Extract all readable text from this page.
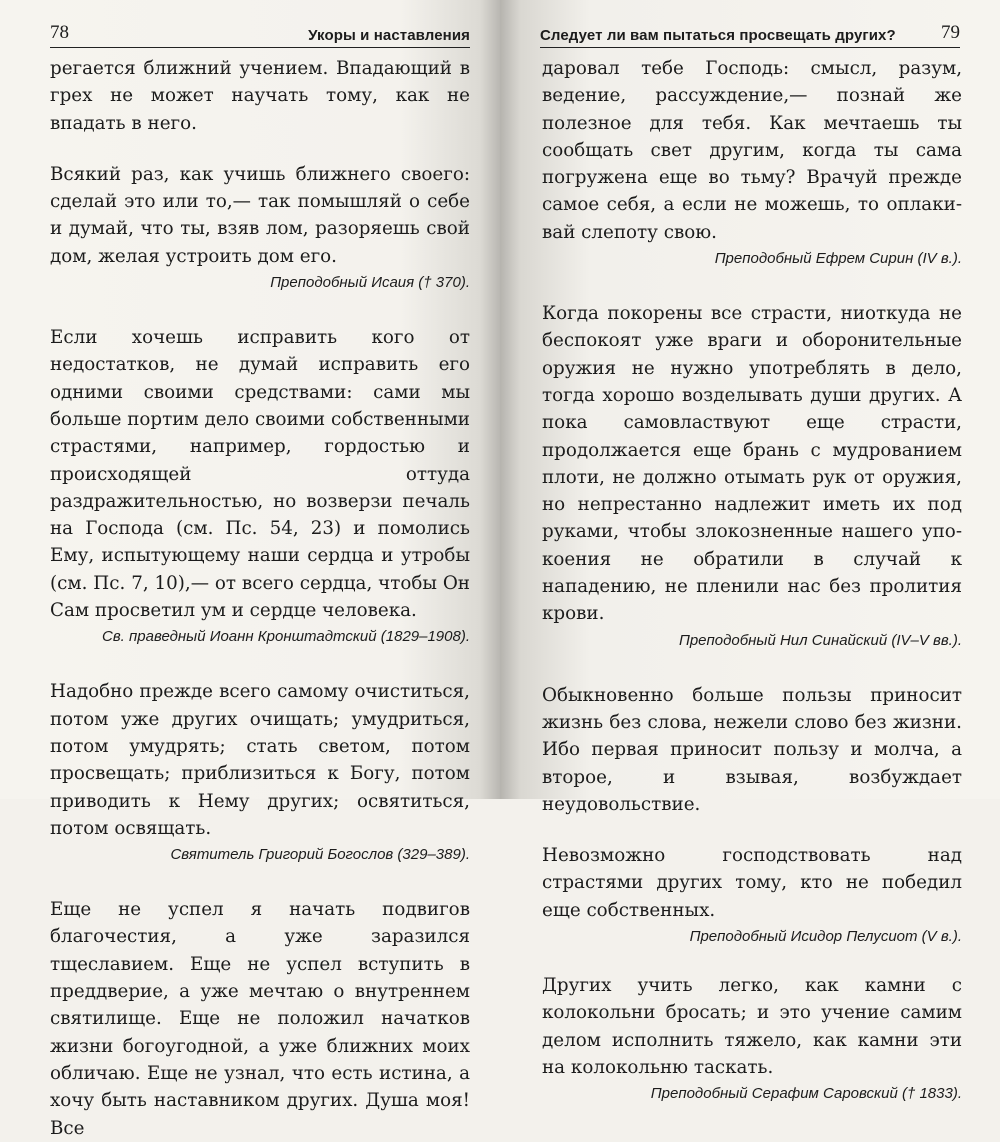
78	Укоры и наставления

регается ближний учением. Впадающий в грех не может научать тому, как не впадать в него.

Всякий раз, как учишь ближнего своего: сделай это или то,— так помышляй о себе и думай, что ты, взяв лом, разоряешь свой дом, желая устроить дом его.

Преподобный Исаия († 370).

Если хочешь исправить кого от недостатков, не думай исправить его одними своими средствами: сами мы больше портим дело своими собственными страстями, например, гордостью и происходящей оттуда раздражительностью, но возверзи печаль на Господа (см. Пс. 54, 23) и помолись Ему, испытующему наши сердца и утробы (см. Пс. 7, 10),— от всего сердца, чтобы Он Сам просветил ум и сердце человека.

Св. праведный Иоанн Кронштадтский (1829–1908).

Надобно прежде всего самому очиститься, потом уже других очищать; умудриться, потом умудрять; стать светом, потом просвещать; приблизиться к Богу, потом приводить к Нему других; освятиться, потом освящать.

Святитель Григорий Богослов (329–389).

Еще не успел я начать подвигов благочестия, а уже заразился тщеславием. Еще не успел вступить в преддверие, а уже мечтаю о внутреннем святилище. Еще не положил начатков жизни богоугодной, а уже ближних моих обличаю. Еще не узнал, что есть истина, а хочу быть наставником других. Душа моя! Все

Следует ли вам пытаться просвещать других? 79

даровал тебе Господь: смысл, разум, ведение, рассуждение,— познай же полезное для тебя. Как мечтаешь ты сообщать свет другим, когда ты сама погружена еще во тьму? Врачуй прежде самое себя, а если не можешь, то оплакивай слепоту свою.

Преподобный Ефрем Сирин (IV в.).

Когда покорены все страсти, ниоткуда не беспокоят уже враги и оборонительные оружия не нужно употреблять в дело, тогда хорошо возделывать души других. А пока самовластвуют еще страсти, продолжается еще брань с мудрованием плоти, не должно отымать рук от оружия, но непрестанно надлежит иметь их под руками, чтобы злокозненные нашего упокоения не обратили в случай к нападению, не пленили нас без пролития крови.

Преподобный Нил Синайский (IV–V вв.).

Обыкновенно больше пользы приносит жизнь без слова, нежели слово без жизни. Ибо первая приносит пользу и молча, а второе, и взывая, возбуждает неудовольствие.

Невозможно господствовать над страстями других тому, кто не победил еще собственных.

Преподобный Исидор Пелусиот (V в.).

Других учить легко, как камни с колокольни бросать; и это учение самим делом исполнить тяжело, как камни эти на колокольню таскать.

Преподобный Серафим Саровский († 1833).
